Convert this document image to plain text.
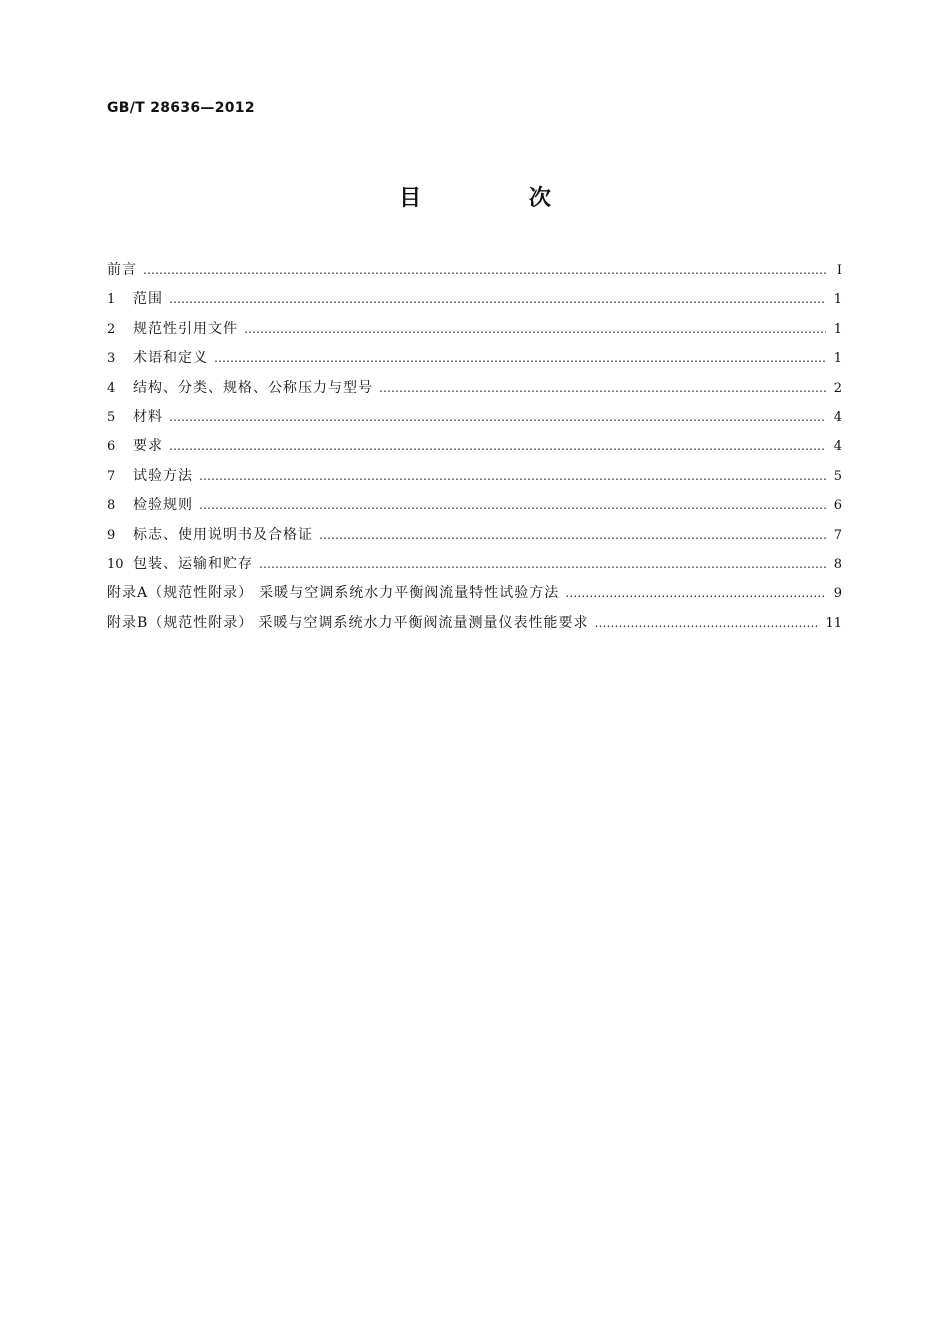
GB/T 28636—2012
目 次
前言 …………………………………………………………………………………………………………………………………………………………………………………………………………………………………	Ⅰ
1	范围 …………………………………………………………………………………………………………………………………………………………………………………………………………………………………	1
2	规范性引用文件 …………………………………………………………………………………………………………………………………………………………………………………………………………………………………	1
3	术语和定义 …………………………………………………………………………………………………………………………………………………………………………………………………………………………………	1
4	结构、分类、规格、公称压力与型号 …………………………………………………………………………………………………………………………………………………………………………………………………………………………………	2
5	材料 …………………………………………………………………………………………………………………………………………………………………………………………………………………………………	4
6	要求 …………………………………………………………………………………………………………………………………………………………………………………………………………………………………	4
7	试验方法 …………………………………………………………………………………………………………………………………………………………………………………………………………………………………	5
8	检验规则 …………………………………………………………………………………………………………………………………………………………………………………………………………………………………	6
9	标志、使用说明书及合格证 …………………………………………………………………………………………………………………………………………………………………………………………………………………………………	7
10 包装、运输和贮存 …………………………………………………………………………………………………………………………………………………………………………………………………………………………………	8
附录A（规范性附录） 采暖与空调系统水力平衡阀流量特性试验方法 …………………………………………………………………………………………………………………………………………………………………………………………………………………………………	9
附录B（规范性附录） 采暖与空调系统水力平衡阀流量测量仪表性能要求 …………………………………………………………………………………………………………………………………………………………………………………………………………………………………	11
